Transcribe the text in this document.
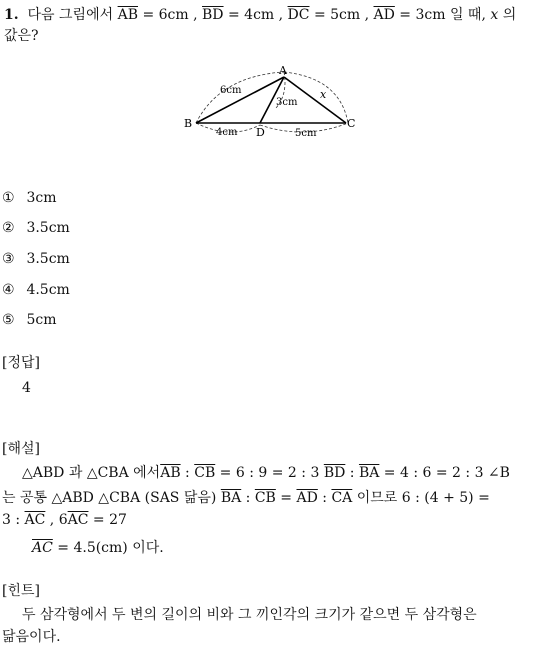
1. 다음 그림에서 $\overline{AB} = 6cm$ , $\overline{BD} = 4cm$ , $\overline{DC} = 5cm$ , $\overline{AD} = 3cm$ 일 때, x 의
값은?
A
B	C
D
6cm
3cm
x
4cm	5cm
① 3cm
② 3.5cm
③ 3.5cm
④ 4.5cm
⑤ 5cm
[정답]
4
[해설]
△ABD 과 △CBA 에서$\overline{AB}$ : $\overline{CB} = 6$ : 9 = 2 : 3 $\overline{BD}$ : $\overline{BA} = 4$ : 6 = 2 : 3 ∠B
는 공통 △ABD △CBA (SAS 닮음) $\overline{BA}$ : $\overline{CB} = \overline{AD}$ : $\overline{CA}$ 이므로 6 : (4 + 5) =
3 : $\overline{AC}$ , $6\overline{AC} = 27$
$\overline{AC} = 4.5(cm)$ 이다.
[힌트]
두 삼각형에서 두 변의 길이의 비와 그 끼인각의 크기가 같으면 두 삼각형은
닮음이다.
